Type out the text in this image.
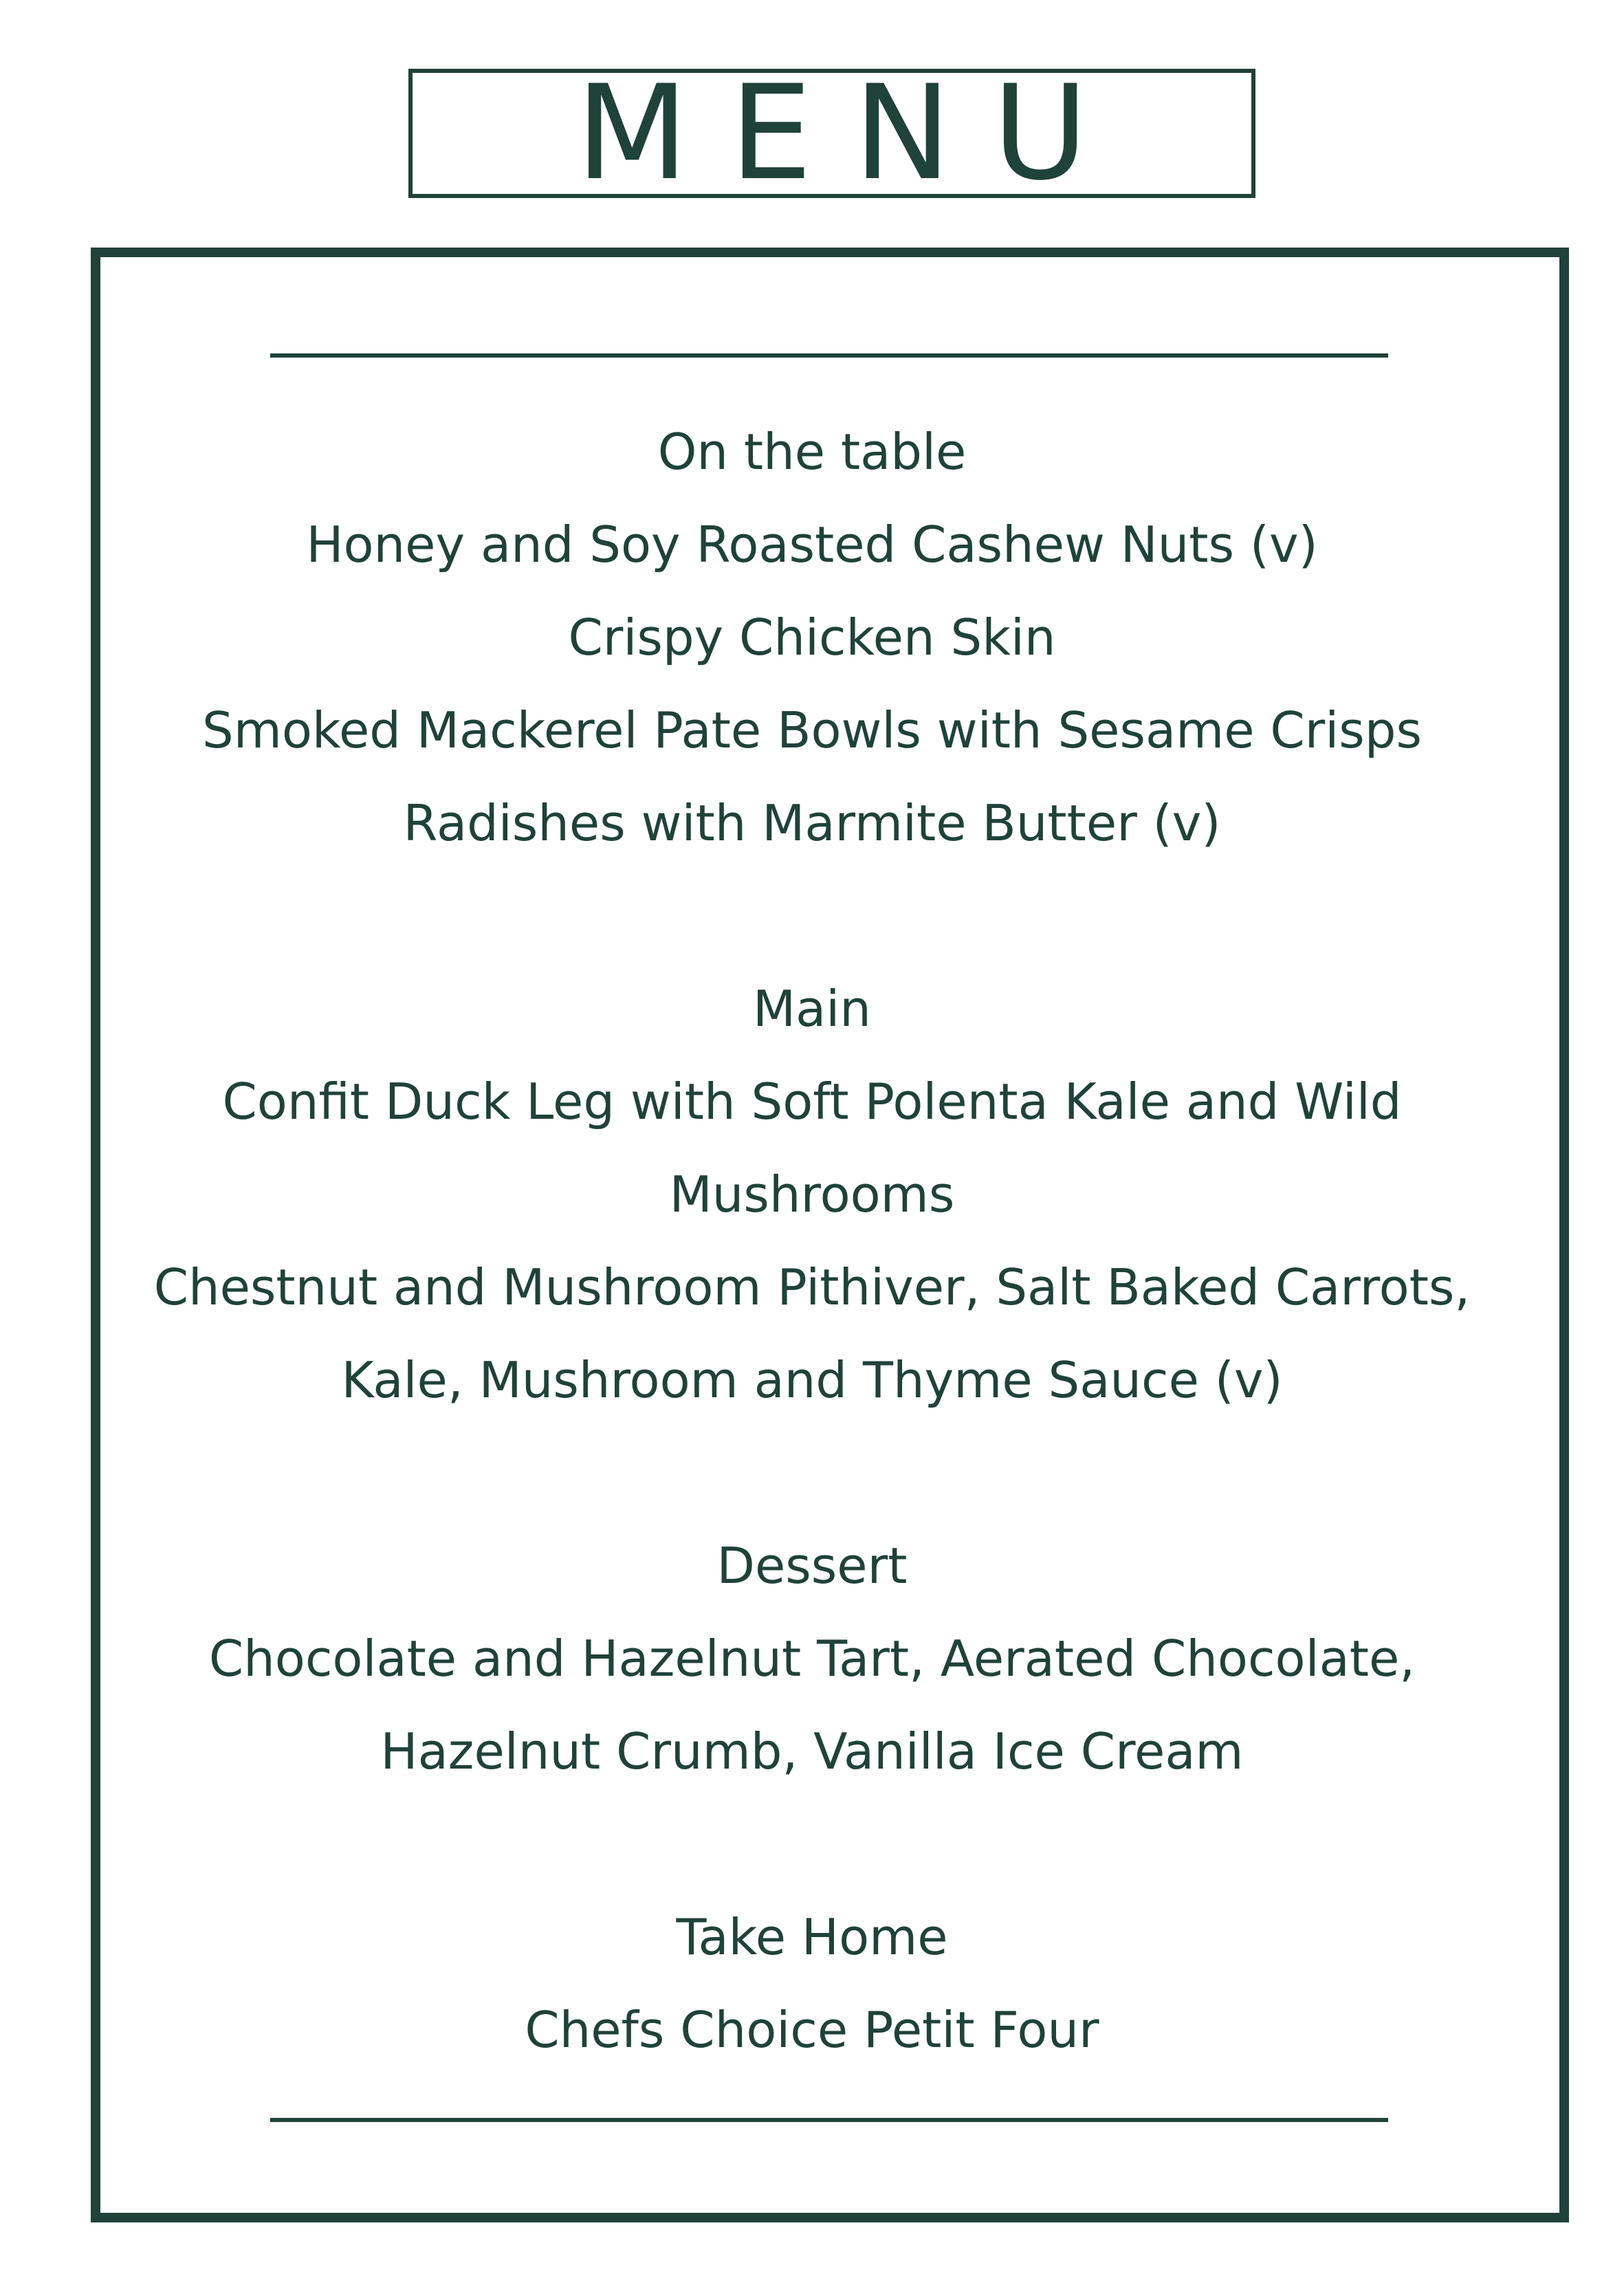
MENU
On the table
Honey and Soy Roasted Cashew Nuts (v)
Crispy Chicken Skin
Smoked Mackerel Pate Bowls with Sesame Crisps
Radishes with Marmite Butter (v)
Main
Confit Duck Leg with Soft Polenta Kale and Wild
Mushrooms
Chestnut and Mushroom Pithiver, Salt Baked Carrots,
Kale, Mushroom and Thyme Sauce (v)
Dessert
Chocolate and Hazelnut Tart, Aerated Chocolate,
Hazelnut Crumb, Vanilla Ice Cream
Take Home
Chefs Choice Petit Four
